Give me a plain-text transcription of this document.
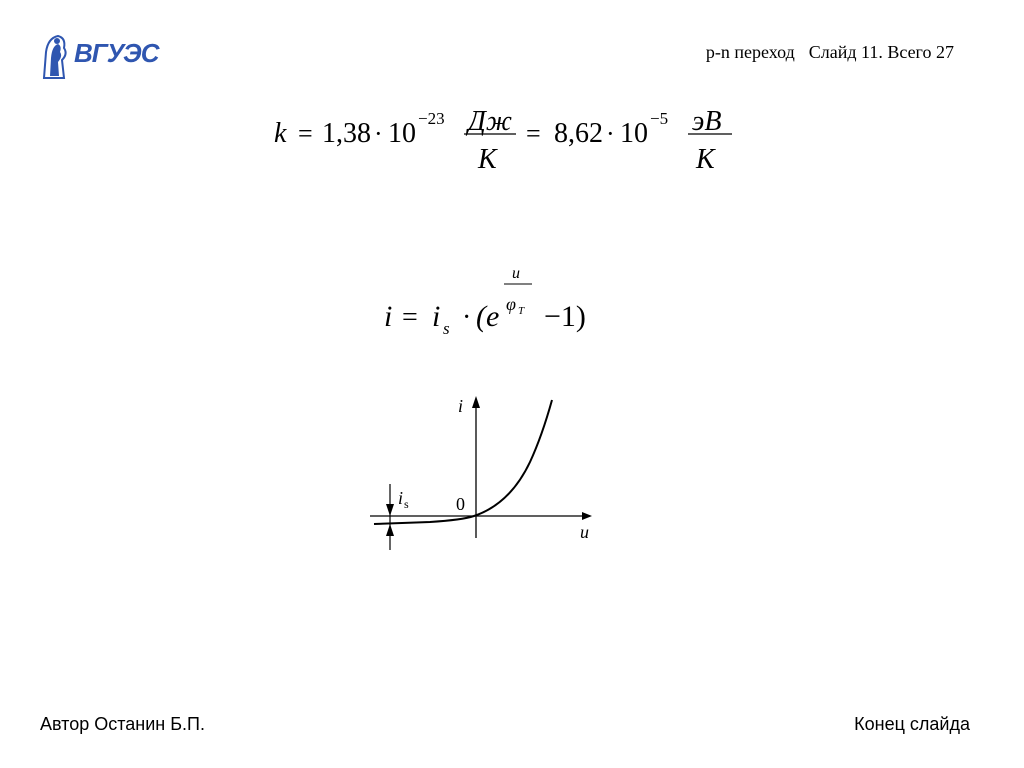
ВГУЭС	p-n переход Слайд 11. Всего 27
k = 1,38 · 10 −23 Дж
К
= 8,62 · 10 −5 эВ
К
i = i s · (e
u
φ T −1)
i
u
0
i s
Автор Останин Б.П.	Конец слайда
